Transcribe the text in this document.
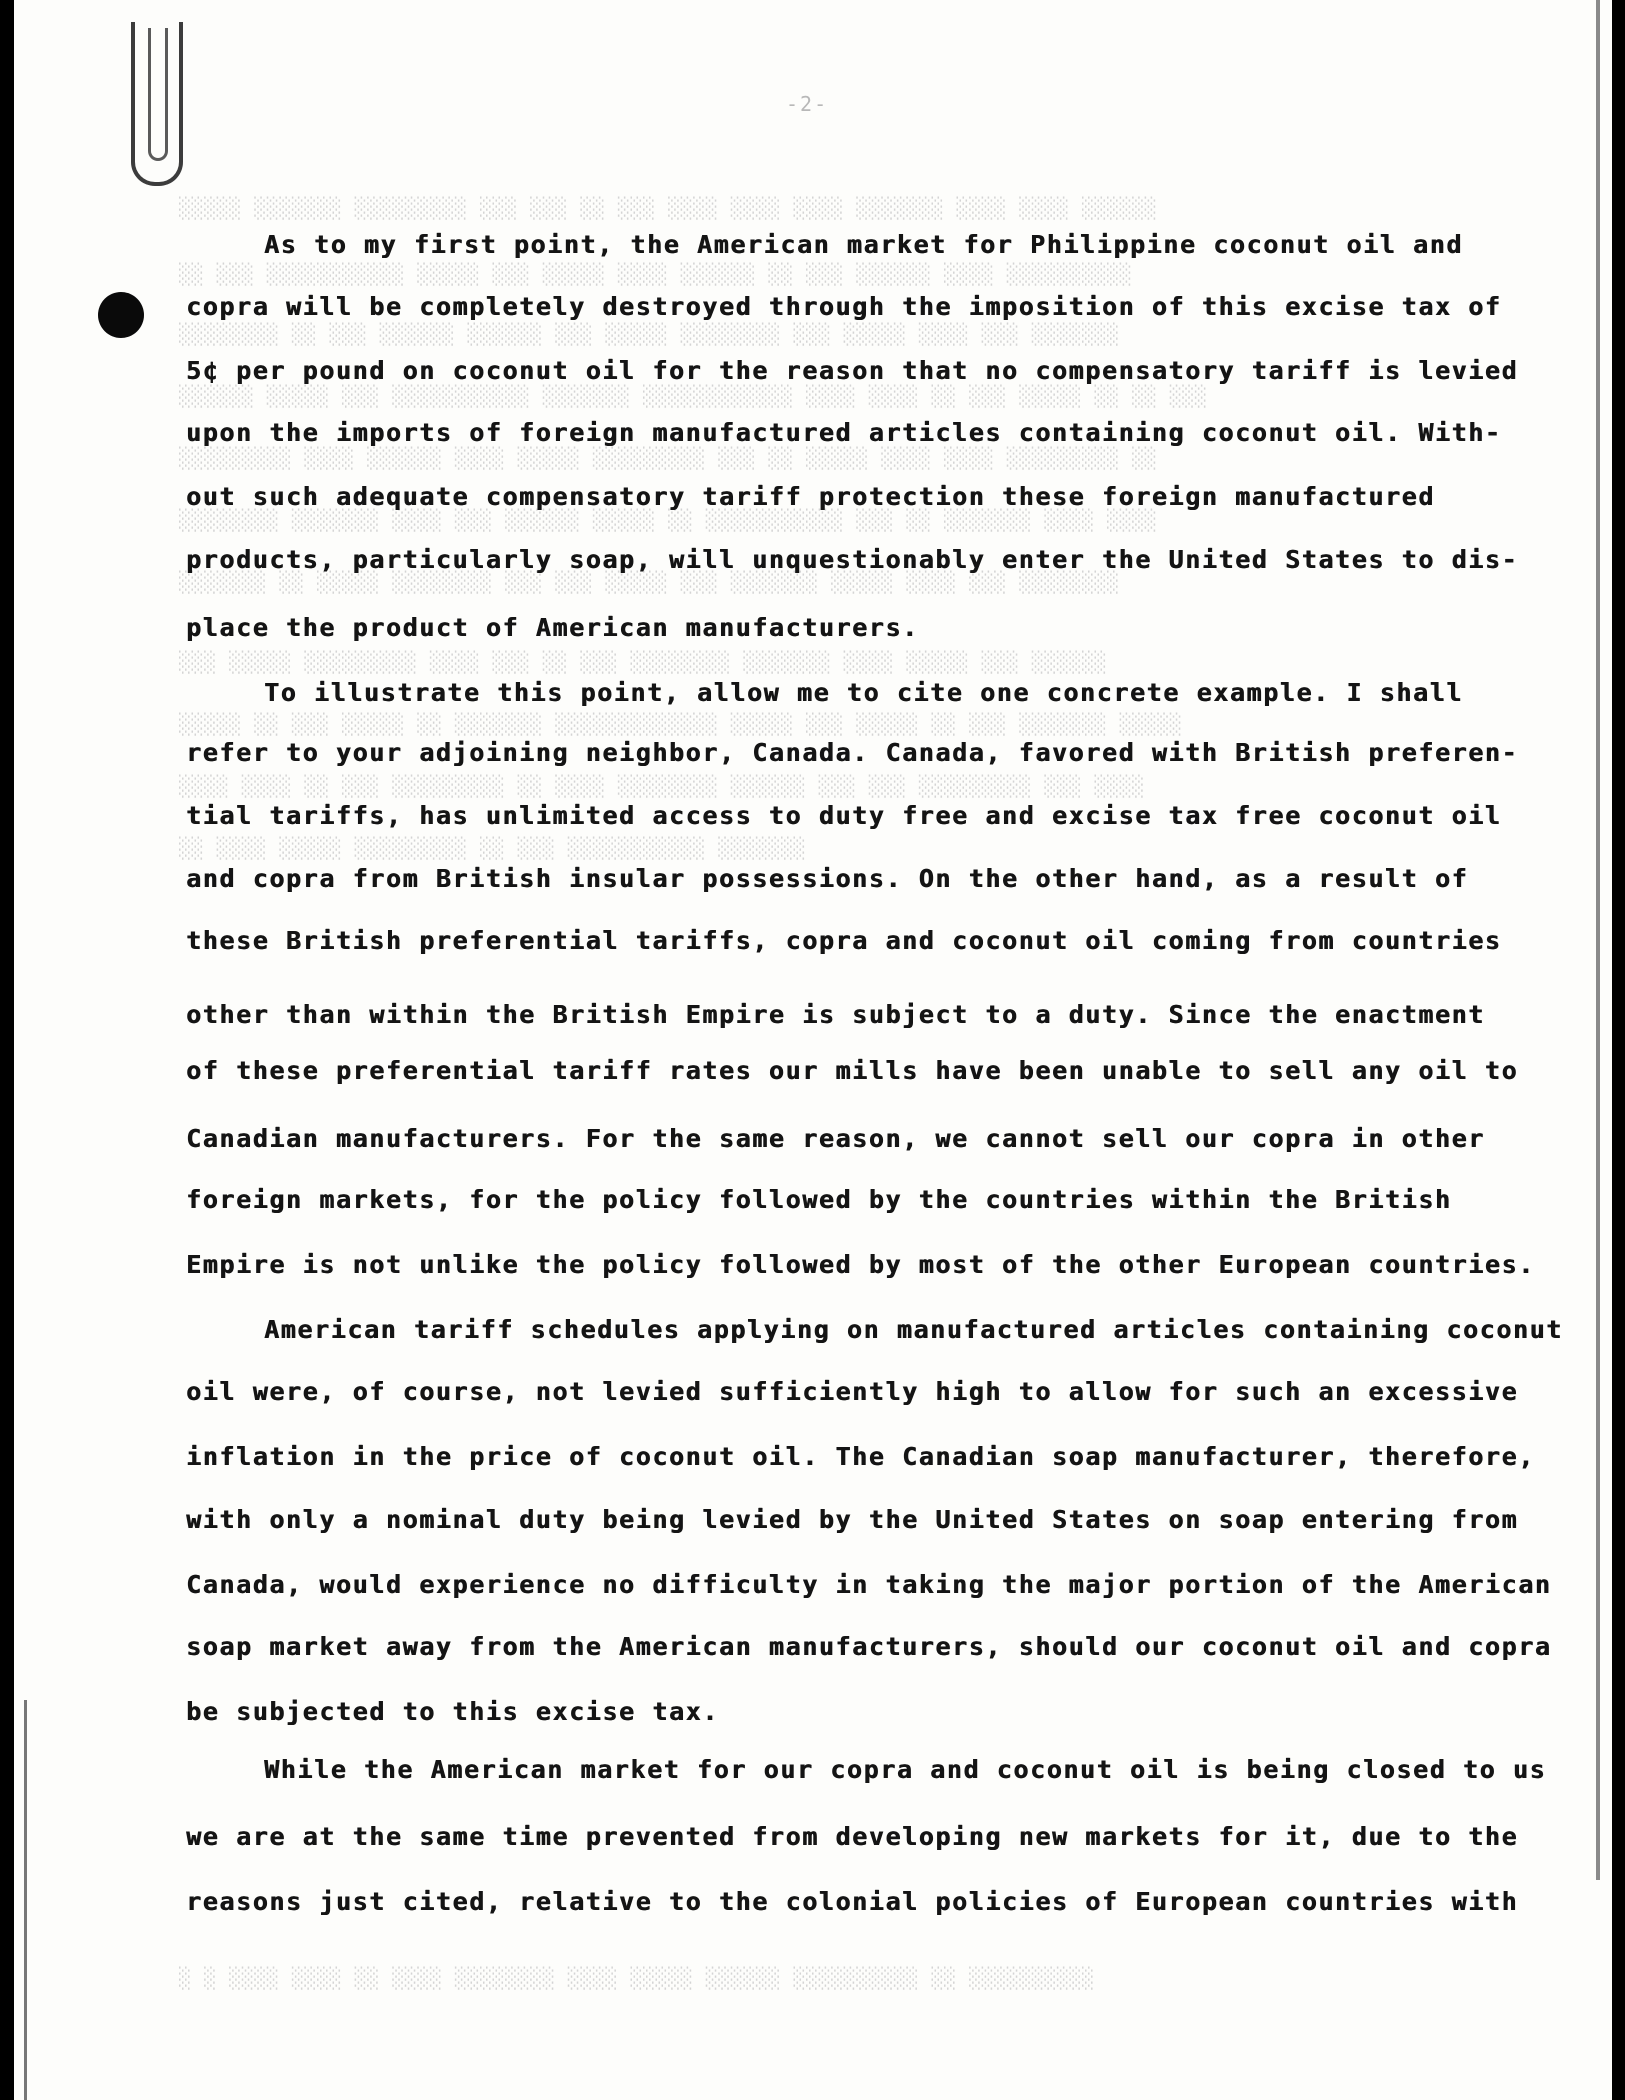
-2-
░░░░░ ░░░░░░░ ░░░░░░░░░ ░░░ ░░░ ░░ ░░░ ░░░░ ░░░░ ░░░░ ░░░░░░░ ░░░░ ░░░░ ░░░░░░
░░ ░░░ ░░░░░░░░░░░ ░░░░░ ░░░ ░░░░░ ░░░░ ░░░░░░ ░░ ░░░ ░░░░░░ ░░░░ ░░░░░░░░░░
░░░░░░░░ ░░ ░░░ ░░░░░░ ░░░░░░ ░░░ ░░░░░ ░░░░░░░░ ░░░ ░░░░░ ░░░░ ░░░ ░░░░░░░
░░░░░░ ░░░░░ ░░░ ░░░░░░░░░░░ ░░░░░░░ ░░░░░░░░░░░░ ░░░░ ░░░░ ░░ ░░░ ░░░░░ ░░ ░░ ░░░
░░░░░░░░░ ░░░░ ░░░░░░ ░░░░ ░░░░░ ░░░░░░░░░ ░░░ ░░ ░░░░░ ░░░░ ░░░░ ░░░░░░░░░ ░░
░░░░░░░░ ░░░░░░░ ░░░░ ░░░ ░░░░░░ ░░░░░ ░░ ░░░░░░░░░░░ ░░░ ░░ ░░░░░░░ ░░░░ ░░░░
░░░░░░░ ░░ ░░░░░ ░░░░░░░░ ░░░ ░░░ ░░░░░ ░░░ ░░░░░░░ ░░░░░ ░░░░ ░░░ ░░░░░░░░
░░░ ░░░░░ ░░░░░░░░░ ░░░░ ░░░ ░░ ░░░ ░░░░░░░░ ░░░░░░░ ░░░░ ░░░░░ ░░░ ░░░░░░
░░░░░ ░░ ░░░ ░░░░░ ░░ ░░░░░░░ ░░░░░░░░░░░░░ ░░░░░ ░░░ ░░░░░ ░░ ░░░ ░░░░░░░ ░░░░░
░░░░ ░░░░ ░░ ░░░ ░░░░░░░░░ ░░ ░░░░ ░░░░░░░░ ░░░░░░ ░░░ ░░░ ░░░░░░░░░ ░░░ ░░░░
░░ ░░░░ ░░░░░ ░░░░░░░░░ ░░ ░░░ ░░░░░░░░░░░ ░░░░░░░
░ ░ ░░░░ ░░░░ ░░ ░░░░ ░░░░░░░░ ░░░░ ░░░░░ ░░░░░░ ░░░░░░░░░░ ░░ ░░░░░░░░░░
As to my first point, the American market for Philippine coconut oil and
copra will be completely destroyed through the imposition of this excise tax of
5¢ per pound on coconut oil for the reason that no compensatory tariff is levied
upon the imports of foreign manufactured articles containing coconut oil. With-
out such adequate compensatory tariff protection these foreign manufactured
products, particularly soap, will unquestionably enter the United States to dis-
place the product of American manufacturers.
To illustrate this point, allow me to cite one concrete example. I shall
refer to your adjoining neighbor, Canada. Canada, favored with British preferen-
tial tariffs, has unlimited access to duty free and excise tax free coconut oil
and copra from British insular possessions. On the other hand, as a result of
these British preferential tariffs, copra and coconut oil coming from countries
other than within the British Empire is subject to a duty. Since the enactment
of these preferential tariff rates our mills have been unable to sell any oil to
Canadian manufacturers. For the same reason, we cannot sell our copra in other
foreign markets, for the policy followed by the countries within the British
Empire is not unlike the policy followed by most of the other European countries.
American tariff schedules applying on manufactured articles containing coconut
oil were, of course, not levied sufficiently high to allow for such an excessive
inflation in the price of coconut oil. The Canadian soap manufacturer, therefore,
with only a nominal duty being levied by the United States on soap entering from
Canada, would experience no difficulty in taking the major portion of the American
soap market away from the American manufacturers, should our coconut oil and copra
be subjected to this excise tax.
While the American market for our copra and coconut oil is being closed to us
we are at the same time prevented from developing new markets for it, due to the
reasons just cited, relative to the colonial policies of European countries with
